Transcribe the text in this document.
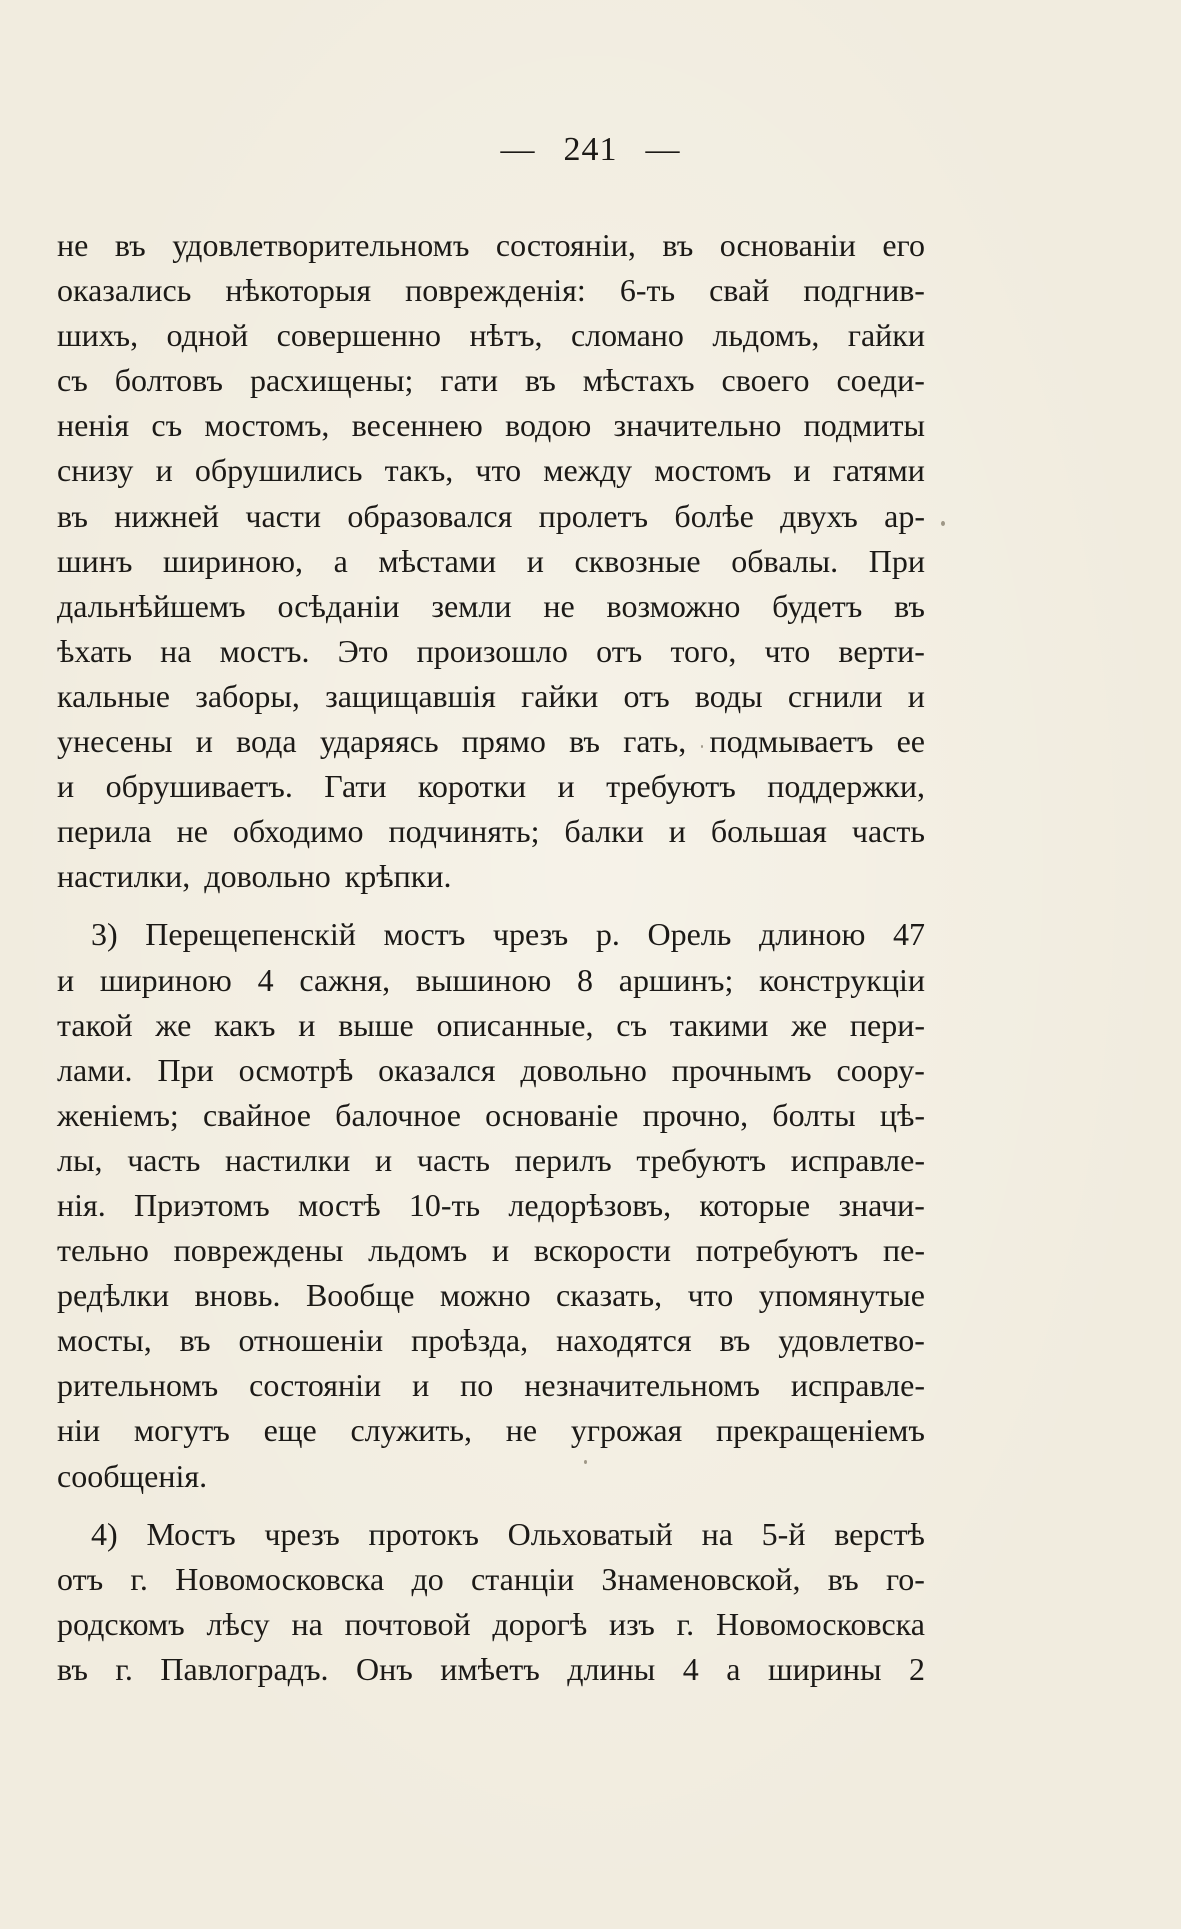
— 241 —
не въ удовлетворительномъ состоянiи, въ основанiи его
оказались нѣкоторыя поврежденiя: 6-ть свай подгнив-
шихъ, одной совершенно нѣтъ, сломано льдомъ, гайки
съ болтовъ расхищены; гати въ мѣстахъ своего соеди-
ненiя съ мостомъ, весеннею водою значительно подмиты
снизу и обрушились такъ, что между мостомъ и гатями
въ нижней части образовался пролетъ болѣе двухъ ар-
шинъ шириною, а мѣстами и сквозные обвалы. При
дальнѣйшемъ осѣданiи земли не возможно будетъ въ
ѣхать на мостъ. Это произошло отъ того, что верти-
кальные заборы, защищавшiя гайки отъ воды сгнили и
унесены и вода ударяясь прямо въ гать, подмываетъ ее
и обрушиваетъ. Гати коротки и требуютъ поддержки,
перила не обходимо подчинять; балки и большая часть
настилки, довольно крѣпки.
3) Перещепенскiй мостъ чрезъ р. Орель длиною 47
и шириною 4 сажня, вышиною 8 аршинъ; конструкцiи
такой же какъ и выше описанные, съ такими же пери-
лами. При осмотрѣ оказался довольно прочнымъ соору-
женiемъ; свайное балочное основанiе прочно, болты цѣ-
лы, часть настилки и часть перилъ требуютъ исправле-
нiя. Приэтомъ мостѣ 10-ть ледорѣзовъ, которые значи-
тельно повреждены льдомъ и вскорости потребуютъ пе-
редѣлки вновь. Вообще можно сказать, что упомянутые
мосты, въ отношенiи проѣзда, находятся въ удовлетво-
рительномъ состоянiи и по незначительномъ исправле-
нiи могутъ еще служить, не угрожая прекращенiемъ
сообщенiя.
4) Мостъ чрезъ протокъ Ольховатый на 5-й верстѣ
отъ г. Новомосковска до станцiи Знаменовской, въ го-
родскомъ лѣсу на почтовой дорогѣ изъ г. Новомосковска
въ г. Павлоградъ. Онъ имѣетъ длины 4 а ширины 2
